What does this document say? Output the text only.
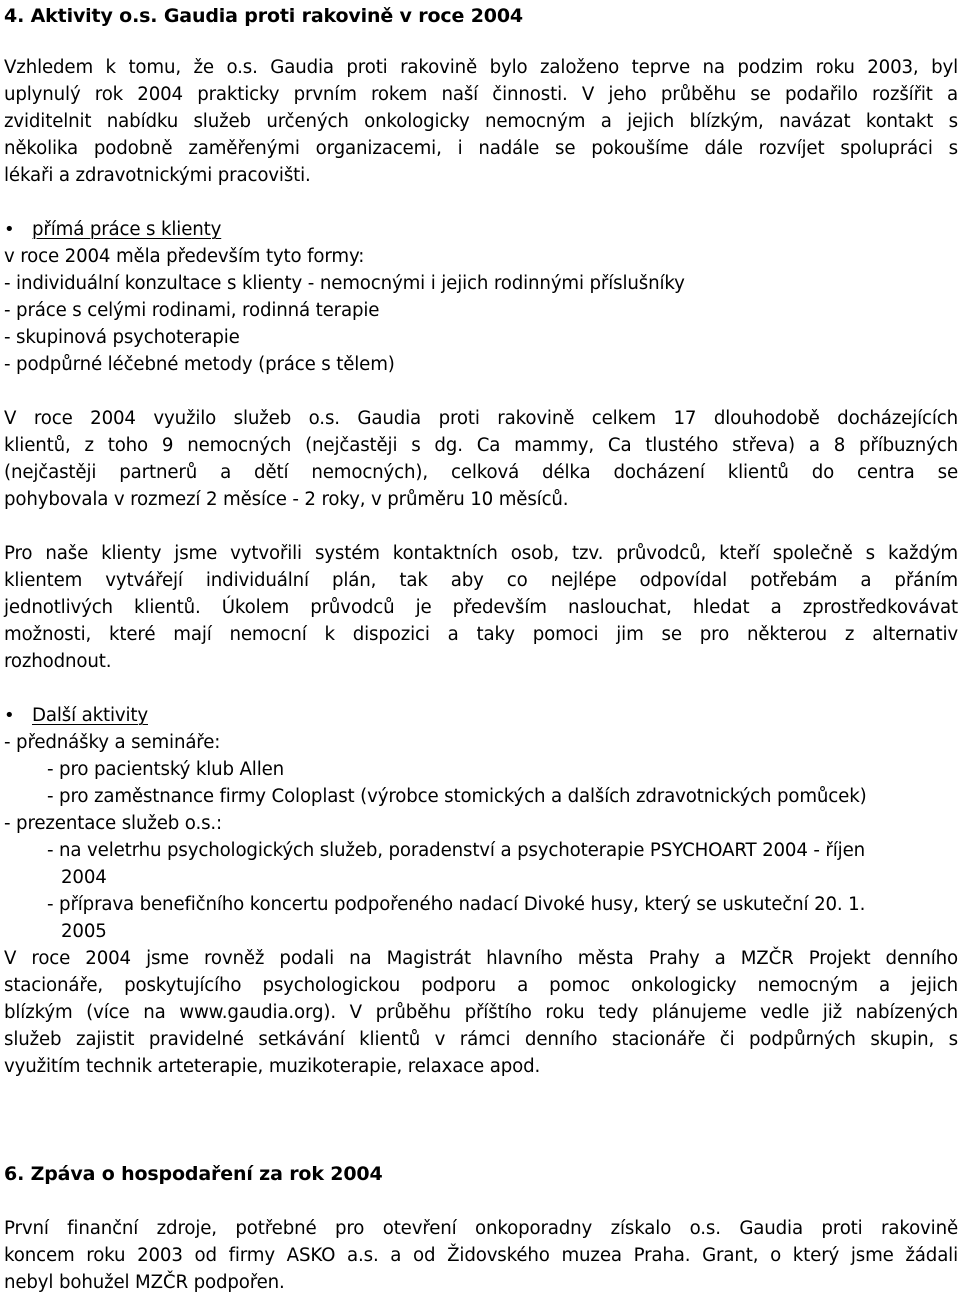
4. Aktivity o.s. Gaudia proti rakovině v roce 2004
Vzhledem k tomu, že o.s. Gaudia proti rakovině bylo založeno teprve na podzim roku 2003, byl
uplynulý rok 2004 prakticky prvním rokem naší činnosti. V jeho průběhu se podařilo rozšířit a
zviditelnit nabídku služeb určených onkologicky nemocným a jejich blízkým, navázat kontakt s
několika podobně zaměřenými organizacemi, i nadále se pokoušíme dále rozvíjet spolupráci s
lékaři a zdravotnickými pracovišti.
• přímá práce s klienty
v roce 2004 měla především tyto formy:
- individuální konzultace s klienty - nemocnými i jejich rodinnými příslušníky
- práce s celými rodinami, rodinná terapie
- skupinová psychoterapie
- podpůrné léčebné metody (práce s tělem)
V roce 2004 využilo služeb o.s. Gaudia proti rakovině celkem 17 dlouhodobě docházejících
klientů, z toho 9 nemocných (nejčastěji s dg. Ca mammy, Ca tlustého střeva) a 8 příbuzných
(nejčastěji partnerů a dětí nemocných), celková délka docházení klientů do centra se
pohybovala v rozmezí 2 měsíce - 2 roky, v průměru 10 měsíců.
Pro naše klienty jsme vytvořili systém kontaktních osob, tzv. průvodců, kteří společně s každým
klientem vytvářejí individuální plán, tak aby co nejlépe odpovídal potřebám a přáním
jednotlivých klientů. Úkolem průvodců je především naslouchat, hledat a zprostředkovávat
možnosti, které mají nemocní k dispozici a taky pomoci jim se pro některou z alternativ
rozhodnout.
• Další aktivity
- přednášky a semináře:
- pro pacientský klub Allen
- pro zaměstnance firmy Coloplast (výrobce stomických a dalších zdravotnických pomůcek)
- prezentace služeb o.s.:
- na veletrhu psychologických služeb, poradenství a psychoterapie PSYCHOART 2004 - říjen
2004
- příprava benefičního koncertu podpořeného nadací Divoké husy, který se uskuteční 20. 1.
2005
V roce 2004 jsme rovněž podali na Magistrát hlavního města Prahy a MZČR Projekt denního
stacionáře, poskytujícího psychologickou podporu a pomoc onkologicky nemocným a jejich
blízkým (více na www.gaudia.org). V průběhu příštího roku tedy plánujeme vedle již nabízených
služeb zajistit pravidelné setkávání klientů v rámci denního stacionáře či podpůrných skupin, s
využitím technik arteterapie, muzikoterapie, relaxace apod.
6. Zpáva o hospodaření za rok 2004
První finanční zdroje, potřebné pro otevření onkoporadny získalo o.s. Gaudia proti rakovině
koncem roku 2003 od firmy ASKO a.s. a od Židovského muzea Praha. Grant, o který jsme žádali
nebyl bohužel MZČR podpořen.
